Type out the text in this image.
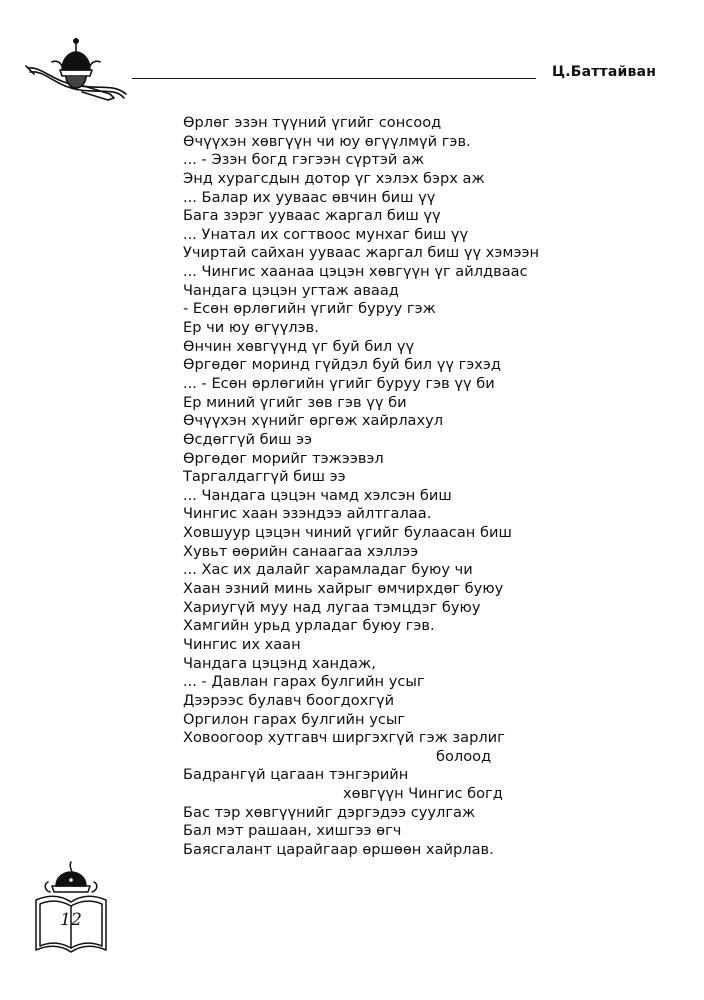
Ц.Баттайван
Өрлөг эзэн түүний үгийг сонсоод
Өчүүхэн хөвгүүн чи юу өгүүлмүй гэв.
... - Эзэн богд гэгээн сүртэй аж
Энд хурагсдын дотор үг хэлэх бэрх аж
... Балар их ууваас өвчин биш үү
Бага зэрэг ууваас жаргал биш үү
... Унатал их согтвоос мунхаг биш үү
Учиртай сайхан ууваас жаргал биш үү хэмээн
... Чингис хаанаа цэцэн хөвгүүн үг айлдваас
Чандага цэцэн угтаж аваад
- Есөн өрлөгийн үгийг буруу гэж
Ер чи юу өгүүлэв.
Өнчин хөвгүүнд үг буй бил үү
Өргөдөг моринд гүйдэл буй бил үү гэхэд
... - Есөн өрлөгийн үгийг буруу гэв үү би
Ер миний үгийг зөв гэв үү би
Өчүүхэн хүнийг өргөж хайрлахул
Өсдөггүй биш ээ
Өргөдөг морийг тэжээвэл
Таргалдаггүй биш ээ
... Чандага цэцэн чамд хэлсэн биш
Чингис хаан эзэндээ айлтгалаа.
Ховшуур цэцэн чиний үгийг булаасан биш
Хувьт өөрийн санаагаа хэллээ
... Хас их далайг харамладаг буюу чи
Хаан эзний минь хайрыг өмчирхдөг буюу
Хариугүй муу над лугаа тэмцдэг буюу
Хамгийн урьд урладаг буюу гэв.
Чингис их хаан
Чандага цэцэнд хандаж,
... - Давлан гарах булгийн усыг
Дээрээс булавч боогдохгүй
Оргилон гарах булгийн усыг
Ховоогоор хутгавч ширгэхгүй гэж зарлиг
болоод
Бадрангүй цагаан тэнгэрийн
хөвгүүн Чингис богд
Бас тэр хөвгүүнийг дэргэдээ суулгаж
Бал мэт рашаан, хишгээ өгч
Баясгалант царайгаар өршөөн хайрлав.
12
